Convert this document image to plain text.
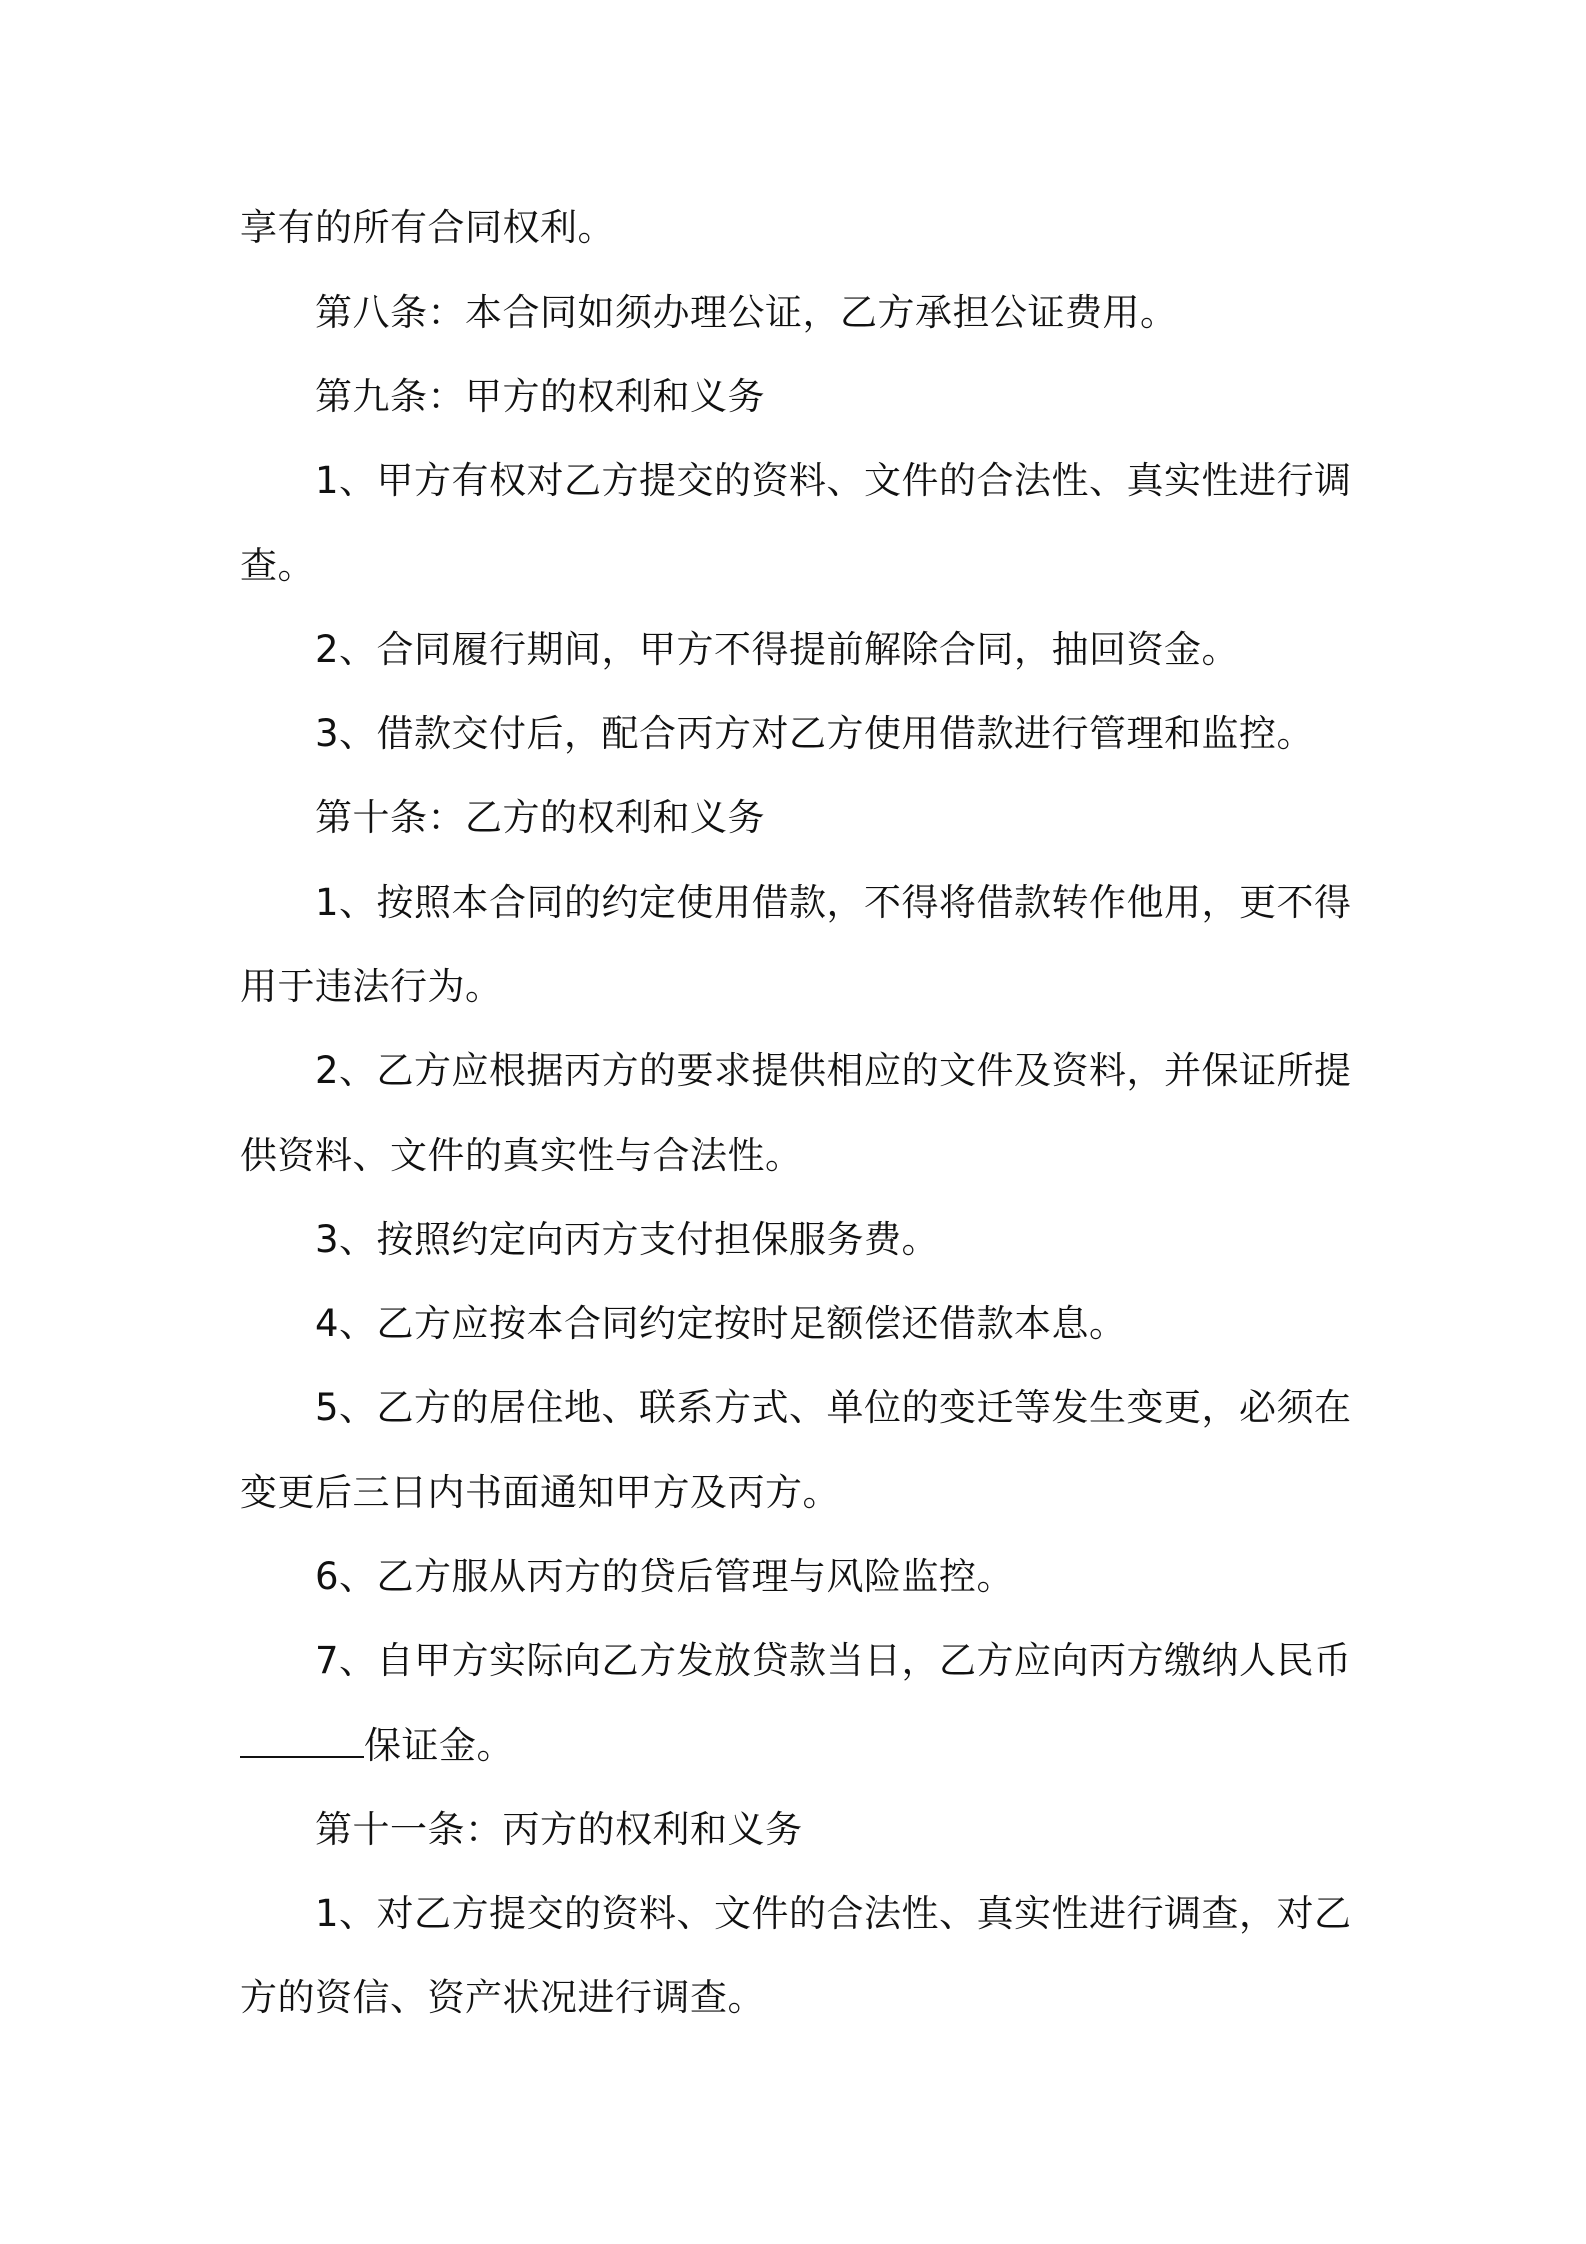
享有的所有合同权利。
第八条：本合同如须办理公证，乙方承担公证费用。
第九条：甲方的权利和义务
1、甲方有权对乙方提交的资料、文件的合法性、真实性进行调
查。
2、合同履行期间，甲方不得提前解除合同，抽回资金。
3、借款交付后，配合丙方对乙方使用借款进行管理和监控。
第十条：乙方的权利和义务
1、按照本合同的约定使用借款，不得将借款转作他用，更不得
用于违法行为。
2、乙方应根据丙方的要求提供相应的文件及资料，并保证所提
供资料、文件的真实性与合法性。
3、按照约定向丙方支付担保服务费。
4、乙方应按本合同约定按时足额偿还借款本息。
5、乙方的居住地、联系方式、单位的变迁等发生变更，必须在
变更后三日内书面通知甲方及丙方。
6、乙方服从丙方的贷后管理与风险监控。
7、自甲方实际向乙方发放贷款当日，乙方应向丙方缴纳人民币
保证金。
第十一条：丙方的权利和义务
1、对乙方提交的资料、文件的合法性、真实性进行调查，对乙
方的资信、资产状况进行调查。
